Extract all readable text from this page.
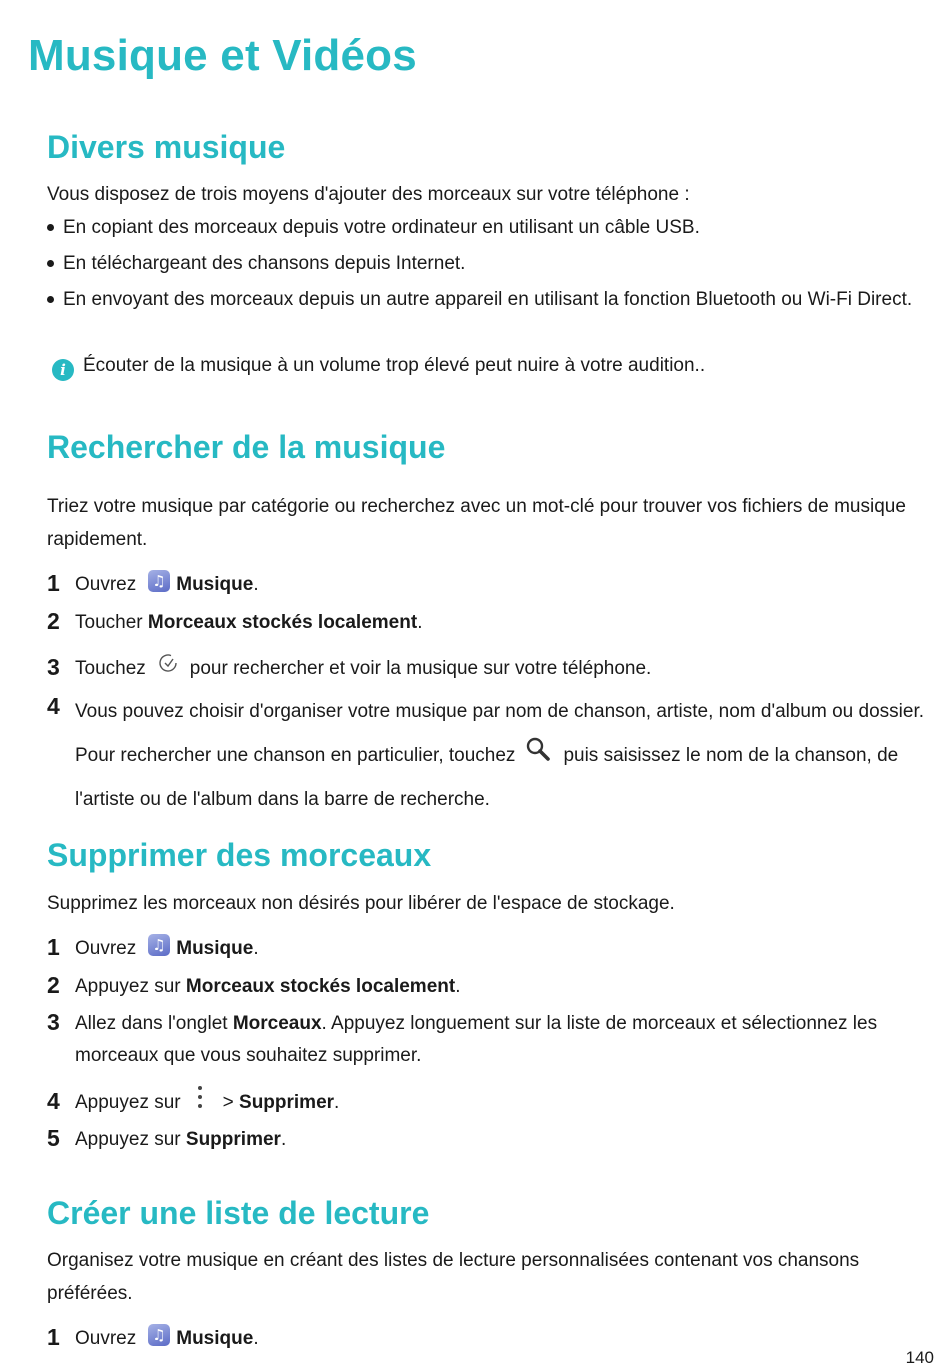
Musique et Vidéos
Divers musique

Vous disposez de trois moyens d'ajouter des morceaux sur votre téléphone :

En copiant des morceaux depuis votre ordinateur en utilisant un câble USB.
En téléchargeant des chansons depuis Internet.
En envoyant des morceaux depuis un autre appareil en utilisant la fonction Bluetooth ou Wi-Fi Direct.
i Écouter de la musique à un volume trop élevé peut nuire à votre audition..

Rechercher de la musique

Triez votre musique par catégorie ou recherchez avec un mot-clé pour trouver vos fichiers de musique rapidement.

1 Ouvrez ♫ Musique.
2 Toucher Morceaux stockés localement.
3 Touchez pour rechercher et voir la musique sur votre téléphone.
4 Vous pouvez choisir d'organiser votre musique par nom de chanson, artiste, nom d'album ou dossier. Pour rechercher une chanson en particulier, touchez	puis saisissez le nom de la chanson, de l'artiste ou de l'album dans la barre de recherche.
Supprimer des morceaux

Supprimez les morceaux non désirés pour libérer de l'espace de stockage.

1 Ouvrez ♫ Musique.
2 Appuyez sur Morceaux stockés localement.
3 Allez dans l'onglet Morceaux. Appuyez longuement sur la liste de morceaux et sélectionnez les morceaux que vous souhaitez supprimer.
4 Appuyez sur > Supprimer.
5 Appuyez sur Supprimer.
Créer une liste de lecture

Organisez votre musique en créant des listes de lecture personnalisées contenant vos chansons préférées.

1 Ouvrez ♫ Musique.
140
